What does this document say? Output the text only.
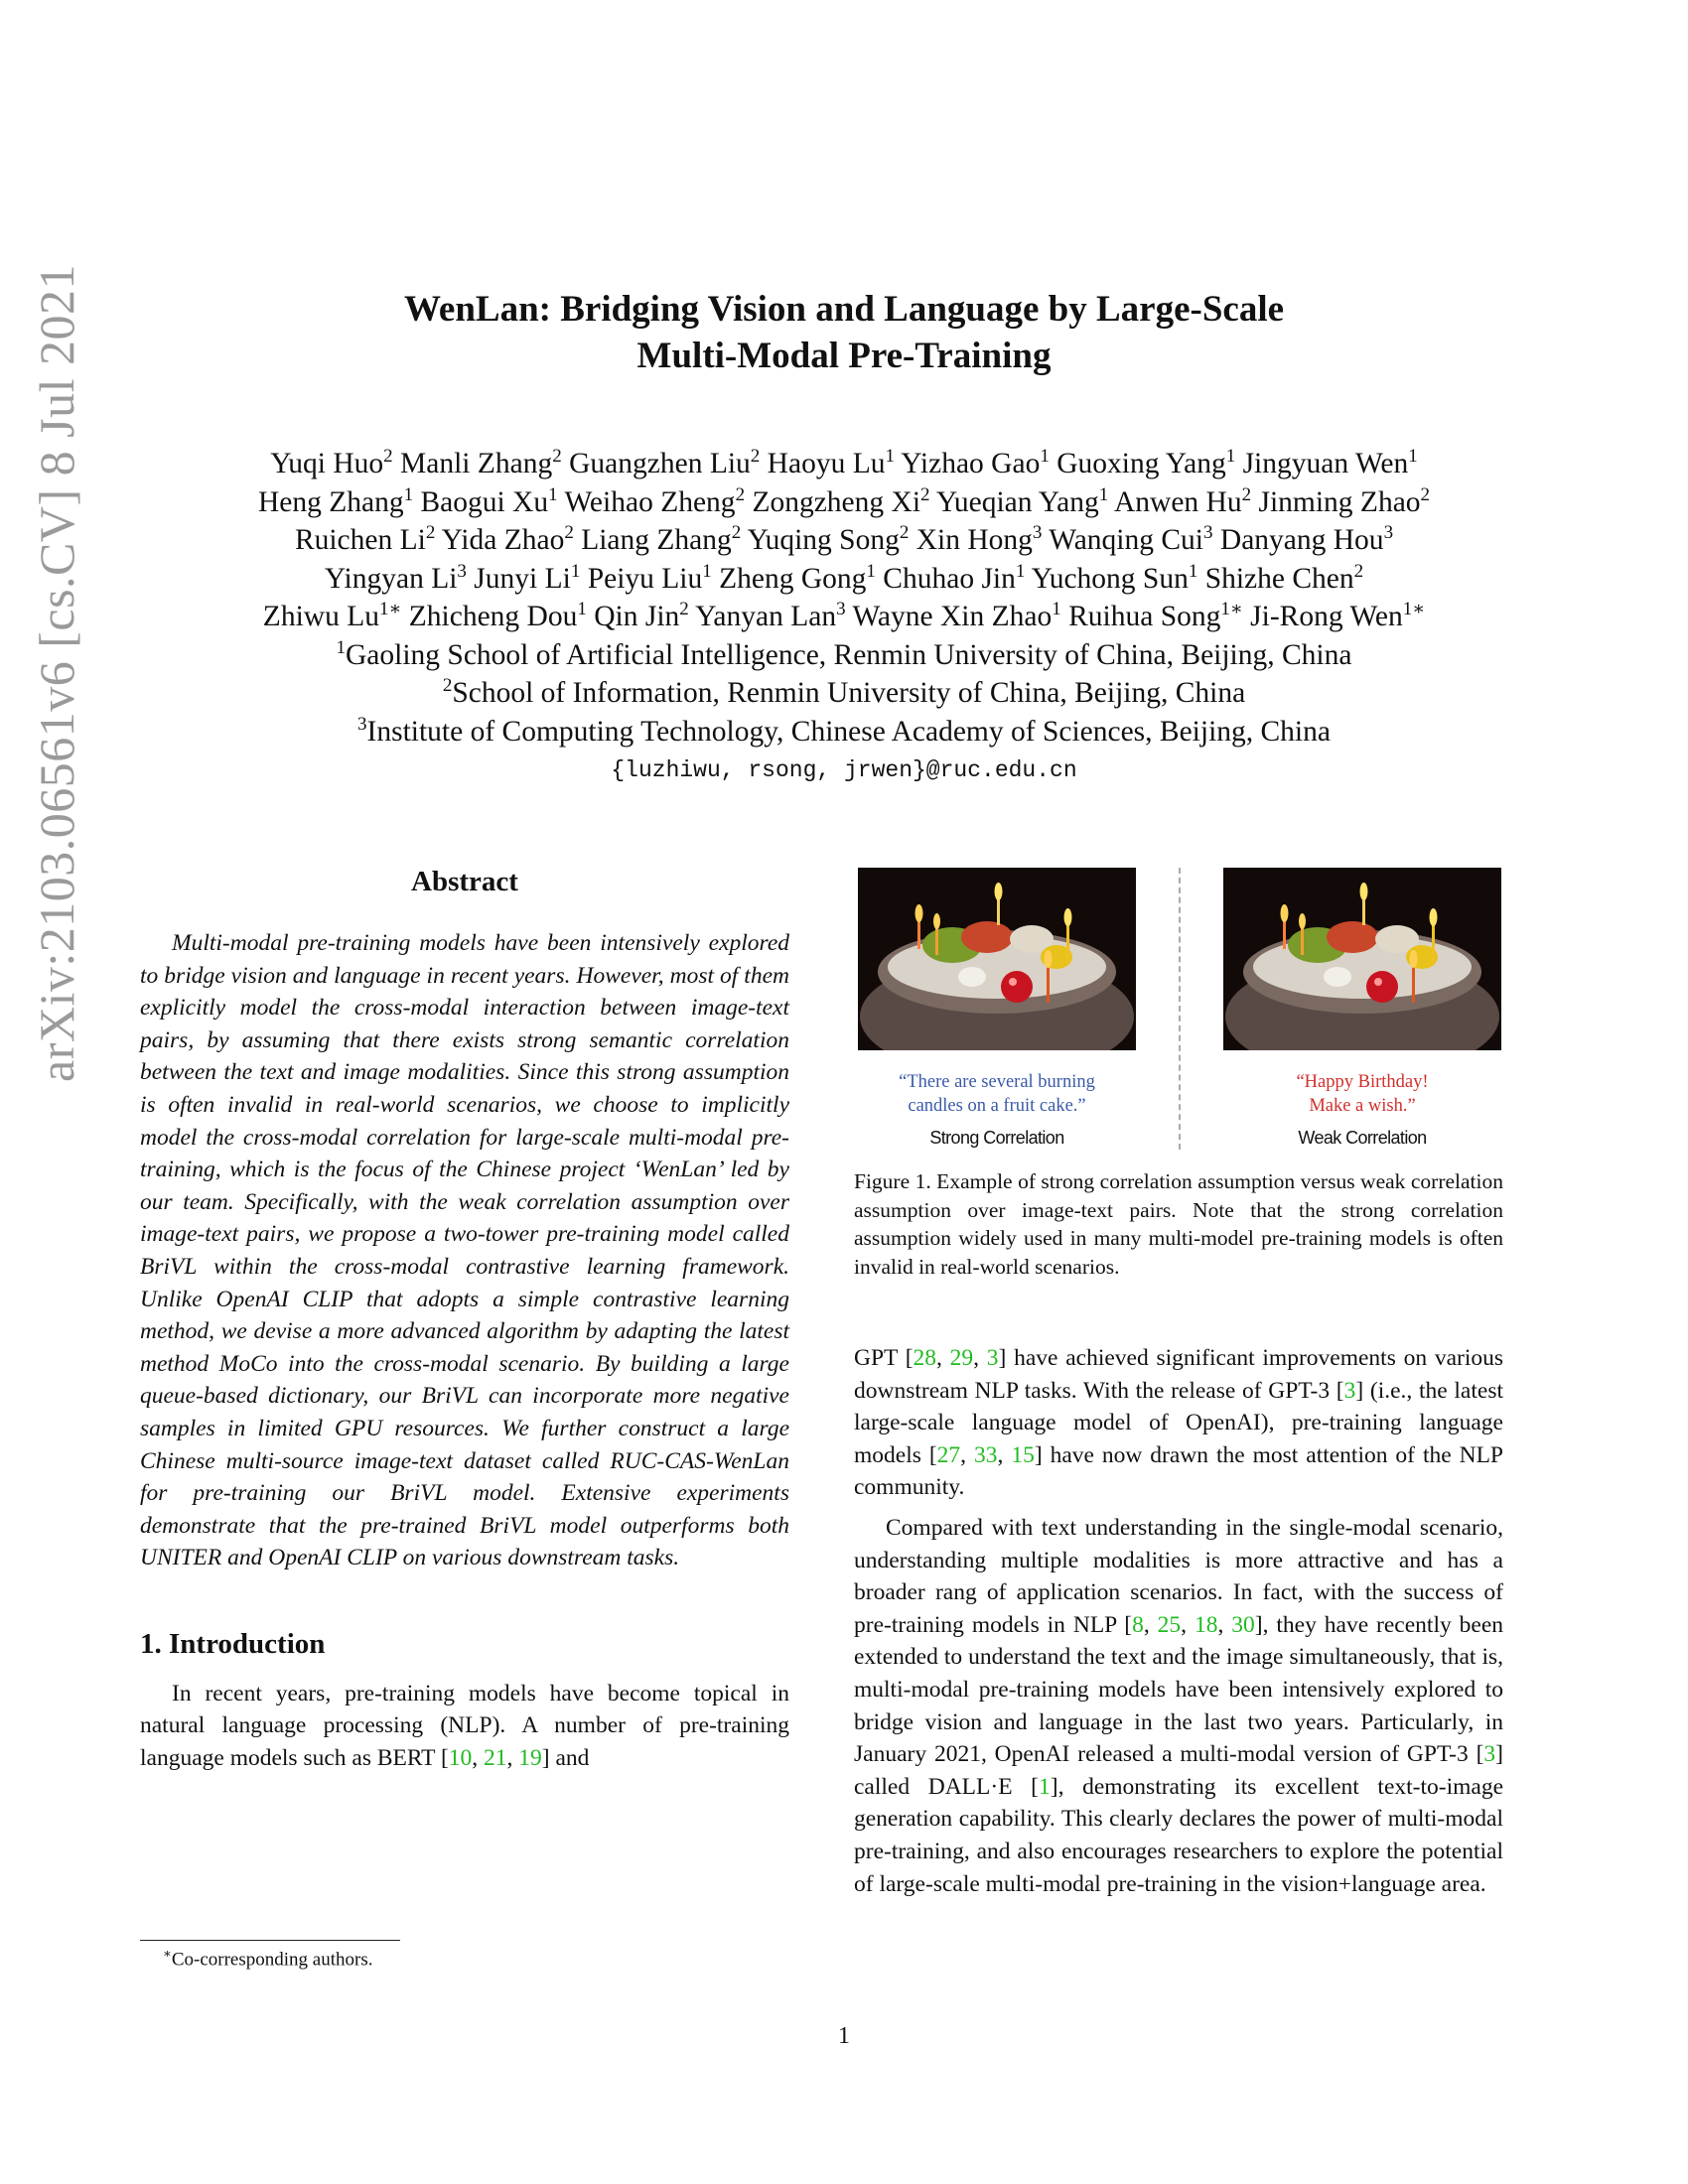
arXiv:2103.06561v6 [cs.CV] 8 Jul 2021	WenLan: Bridging Vision and Language by Large-Scale
Multi-Modal Pre-Training
Yuqi Huo$^2$ Manli Zhang$^2$ Guangzhen Liu$^2$ Haoyu Lu$^1$ Yizhao Gao$^1$ Guoxing Yang$^1$ Jingyuan Wen$^1$
Heng Zhang$^1$ Baogui Xu$^1$ Weihao Zheng$^2$ Zongzheng Xi$^2$ Yueqian Yang$^1$ Anwen Hu$^2$ Jinming Zhao$^2$
Ruichen Li$^2$ Yida Zhao$^2$ Liang Zhang$^2$ Yuqing Song$^2$ Xin Hong$^3$ Wanqing Cui$^3$ Danyang Hou$^3$
Yingyan Li$^3$ Junyi Li$^1$ Peiyu Liu$^1$ Zheng Gong$^1$ Chuhao Jin$^1$ Yuchong Sun$^1$ Shizhe Chen$^2$
Zhiwu $Lu^{1∗}$ Zhicheng Dou$^1$ Qin Jin$^2$ Yanyan Lan$^3$ Wayne Xin Zhao$^1$ Ruihua Song$^{1∗}$ Ji-Rong Wen$^{1∗}$
$^1$Gaoling School of Artificial Intelligence, Renmin University of China, Beijing, China
$^2$School of Information, Renmin University of China, Beijing, China
$^3$Institute of Computing Technology, Chinese Academy of Sciences, Beijing, China
{luzhiwu, rsong, jrwen}@ruc.edu.cn
Abstract

Multi-modal pre-training models have been intensively explored to bridge vision and language in recent years. However, most of them explicitly model the cross-modal interaction between image-text pairs, by assuming that there exists strong semantic correlation between the text and image modalities. Since this strong assumption is often invalid in real-world scenarios, we choose to implicitly model the cross-modal correlation for large-scale multi-modal pre-training, which is the focus of the Chinese project ‘WenLan’ led by our team. Specifically, with the weak correlation assumption over image-text pairs, we propose a two-tower pre-training model called BriVL within the cross-modal contrastive learning framework. Unlike OpenAI CLIP that adopts a simple contrastive learning method, we devise a more advanced algorithm by adapting the latest method MoCo into the cross-modal scenario. By building a large queue-based dictionary, our BriVL can incorporate more negative samples in limited GPU resources. We further construct a large Chinese multi-source image-text dataset called RUC-CAS-WenLan for pre-training our BriVL model. Extensive experiments demonstrate that the pre-trained BriVL model outperforms both UNITER and OpenAI CLIP on various downstream tasks.

1. Introduction

In recent years, pre-training models have become topical in natural language processing (NLP). A number of pre-training language models such as BERT [10, 21, 19] and

∗Co-corresponding authors.
“There are several burning
candles on a fruit cake.”
“Happy Birthday!
Make a wish.”
Strong Correlation	Weak Correlation
Figure 1. Example of strong correlation assumption versus weak correlation assumption over image-text pairs. Note that the strong correlation assumption widely used in many multi-model pre-training models is often invalid in real-world scenarios.

GPT [28, 29, 3] have achieved significant improvements on various downstream NLP tasks. With the release of GPT-3 [3] (i.e., the latest large-scale language model of OpenAI), pre-training language models [27, 33, 15] have now drawn the most attention of the NLP community.

Compared with text understanding in the single-modal scenario, understanding multiple modalities is more attractive and has a broader rang of application scenarios. In fact, with the success of pre-training models in NLP [8, 25, 18, 30], they have recently been extended to understand the text and the image simultaneously, that is, multi-modal pre-training models have been intensively explored to bridge vision and language in the last two years. Particularly, in January 2021, OpenAI released a multi-modal version of GPT-3 [3] called DALL·E [1], demonstrating its excellent text-to-image generation capability. This clearly declares the power of multi-modal pre-training, and also encourages researchers to explore the potential of large-scale multi-modal pre-training in the vision+language area.

1
